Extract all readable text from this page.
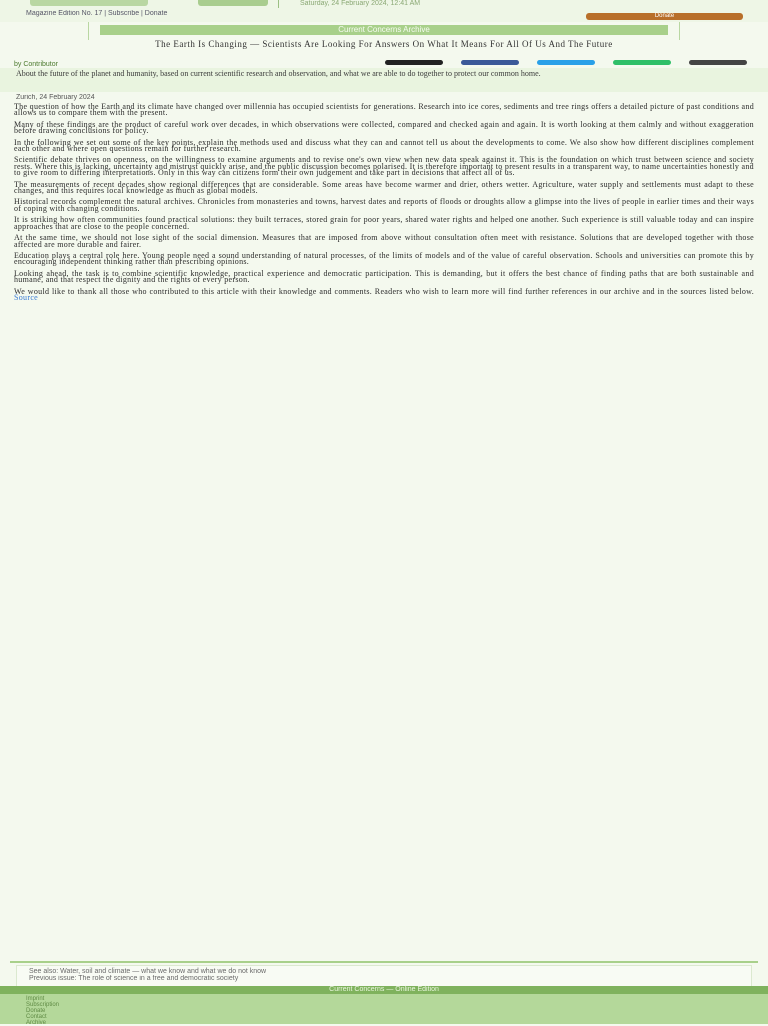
Saturday, 24 February 2024, 12:41 AM
Magazine Edition No. 17 | Subscribe | Donate	Donate
Current Concerns Archive
The Earth Is Changing — Scientists Are Looking For Answers On What It Means For All Of Us And The Future
by Contributor

About the future of the planet and humanity, based on current scientific research and observation, and what we are able to do together to protect our common home.

Zurich, 24 February 2024

The question of how the Earth and its climate have changed over millennia has occupied scientists for generations. Research into ice cores, sediments and tree rings offers a detailed picture of past conditions and allows us to compare them with the present.

Many of these findings are the product of careful work over decades, in which observations were collected, compared and checked again and again. It is worth looking at them calmly and without exaggeration before drawing conclusions for policy.

In the following we set out some of the key points, explain the methods used and discuss what they can and cannot tell us about the developments to come. We also show how different disciplines complement each other and where open questions remain for further research.

Scientific debate thrives on openness, on the willingness to examine arguments and to revise one's own view when new data speak against it. This is the foundation on which trust between science and society rests. Where this is lacking, uncertainty and mistrust quickly arise, and the public discussion becomes polarised. It is therefore important to present results in a transparent way, to name uncertainties honestly and to give room to differing interpretations. Only in this way can citizens form their own judgement and take part in decisions that affect all of us.

The measurements of recent decades show regional differences that are considerable. Some areas have become warmer and drier, others wetter. Agriculture, water supply and settlements must adapt to these changes, and this requires local knowledge as much as global models.

Historical records complement the natural archives. Chronicles from monasteries and towns, harvest dates and reports of floods or droughts allow a glimpse into the lives of people in earlier times and their ways of coping with changing conditions.

It is striking how often communities found practical solutions: they built terraces, stored grain for poor years, shared water rights and helped one another. Such experience is still valuable today and can inspire approaches that are close to the people concerned.

At the same time, we should not lose sight of the social dimension. Measures that are imposed from above without consultation often meet with resistance. Solutions that are developed together with those affected are more durable and fairer.

Education plays a central role here. Young people need a sound understanding of natural processes, of the limits of models and of the value of careful observation. Schools and universities can promote this by encouraging independent thinking rather than prescribing opinions.

Looking ahead, the task is to combine scientific knowledge, practical experience and democratic participation. This is demanding, but it offers the best chance of finding paths that are both sustainable and humane, and that respect the dignity and the rights of every person.

We would like to thank all those who contributed to this article with their knowledge and comments. Readers who wish to learn more will find further references in our archive and in the sources listed below. Source

See also: Water, soil and climate — what we know and what we do not know
Previous issue: The role of science in a free and democratic society
Current Concerns — Online Edition
Imprint
Subscription
Donate
Contact
Archive
